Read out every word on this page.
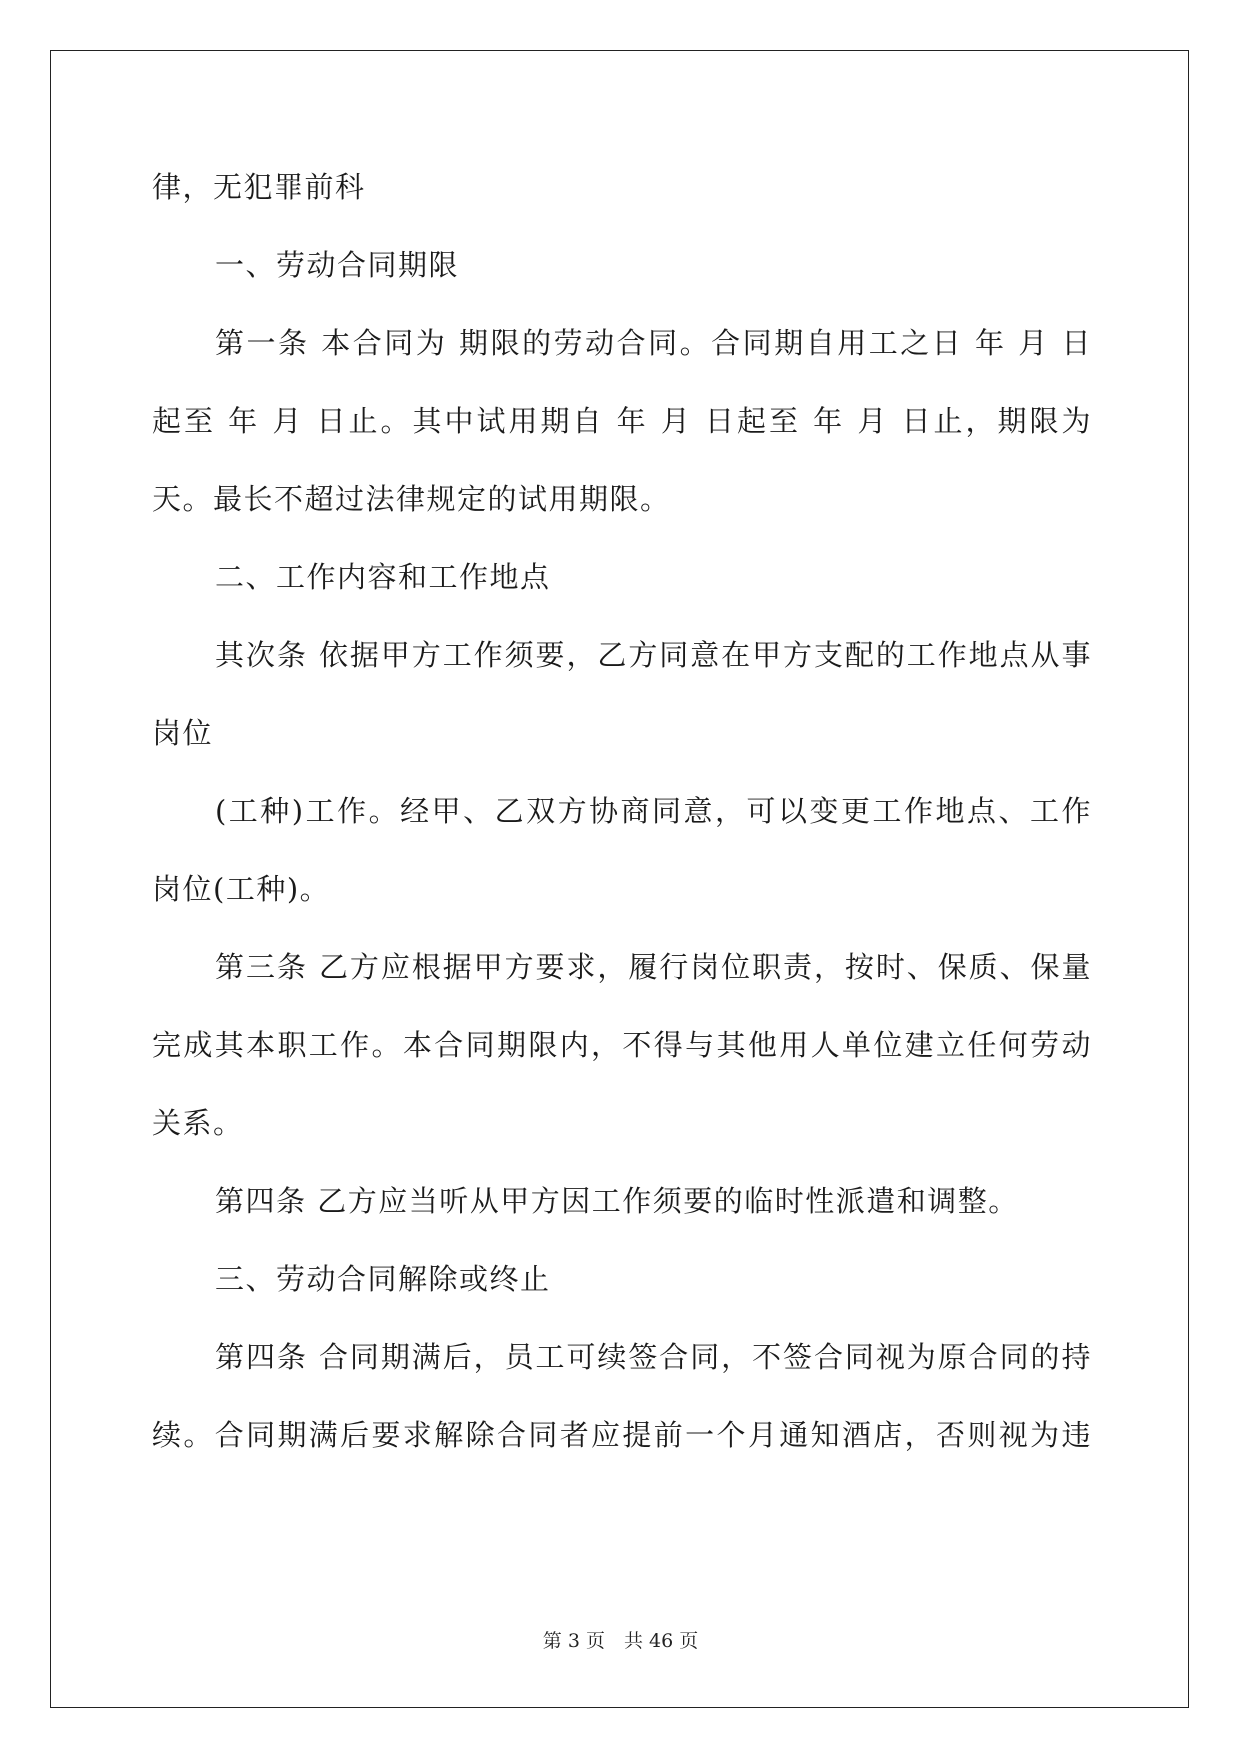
律，无犯罪前科
一、劳动合同期限
第一条 本合同为 期限的劳动合同。合同期自用工之日 年 月 日
起至 年 月 日止。其中试用期自 年 月 日起至 年 月 日止，期限为
天。最长不超过法律规定的试用期限。
二、工作内容和工作地点
其次条 依据甲方工作须要，乙方同意在甲方支配的工作地点从事
岗位
(工种)工作。经甲、乙双方协商同意，可以变更工作地点、工作
岗位(工种)。
第三条 乙方应根据甲方要求，履行岗位职责，按时、保质、保量
完成其本职工作。本合同期限内，不得与其他用人单位建立任何劳动
关系。
第四条 乙方应当听从甲方因工作须要的临时性派遣和调整。
三、劳动合同解除或终止
第四条 合同期满后，员工可续签合同，不签合同视为原合同的持
续。合同期满后要求解除合同者应提前一个月通知酒店，否则视为违
第 3 页　共 46 页
